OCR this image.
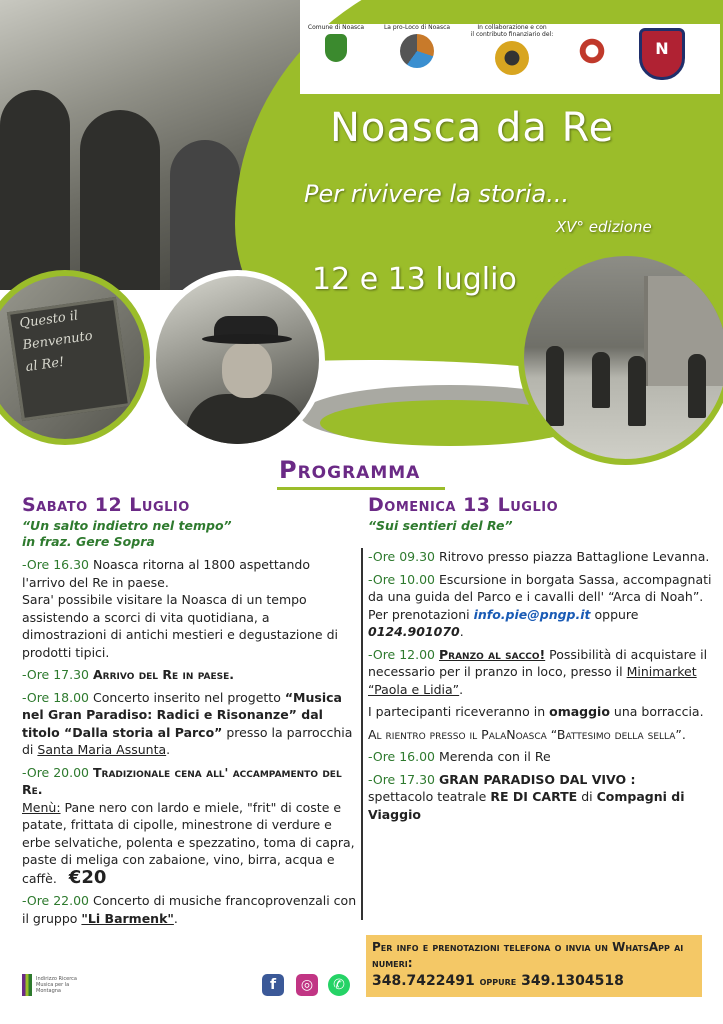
Comune di Noasca	La pro-Loco di Noasca	In collaborazione e con
il contributo finanziario del:
N
Noasca da Re
Per rivivere la storia...
XV° edizione
12 e 13 luglio
Questo il
Benvenuto
al Re!
Programma
Sabato 12 Luglio
“Un salto indietro nel tempo”
in fraz. Gere Sopra
-Ore 16.30 Noasca ritorna al 1800 aspettando l'arrivo del Re in paese.
Sara' possibile visitare la Noasca di un tempo assistendo a scorci di vita quotidiana, a dimostrazioni di antichi mestieri e degustazione di prodotti tipici.
-Ore 17.30 Arrivo del Re in paese.
-Ore 18.00 Concerto inserito nel progetto “Musica nel Gran Paradiso: Radici e Risonanze” dal titolo “Dalla storia al Parco” presso la parrocchia di Santa Maria Assunta.
-Ore 20.00 Tradizionale cena all' accampamento del Re.
Menù: Pane nero con lardo e miele, "frit" di coste e patate, frittata di cipolle, minestrone di verdure e erbe selvatiche, polenta e spezzatino, toma di capra, paste di meliga con zabaione, vino, birra, acqua e caffè. €20
-Ore 22.00 Concerto di musiche francoprovenzali con il gruppo "Li Barmenk".
Domenica 13 Luglio
“Sui sentieri del Re”
-Ore 09.30 Ritrovo presso piazza Battaglione Levanna.
-Ore 10.00 Escursione in borgata Sassa, accompagnati da una guida del Parco e i cavalli dell' “Arca di Noah”.
Per prenotazioni info.pie@pngp.it oppure 0124.901070.
-Ore 12.00 Pranzo al sacco! Possibilità di acquistare il necessario per il pranzo in loco, presso il Minimarket “Paola e Lidia”.
I partecipanti riceveranno in omaggio una borraccia.
Al rientro presso il PalaNoasca “Battesimo della sella”.
-Ore 16.00 Merenda con il Re
-Ore 17.30 GRAN PARADISO DAL VIVO :
spettacolo teatrale RE DI CARTE di Compagni di Viaggio
Per info e prenotazioni telefona o invia un WhatsApp ai numeri:
348.7422491 oppure 349.1304518
Indirizzo Ricerca
Musica per la Montagna	f	◎	✆
